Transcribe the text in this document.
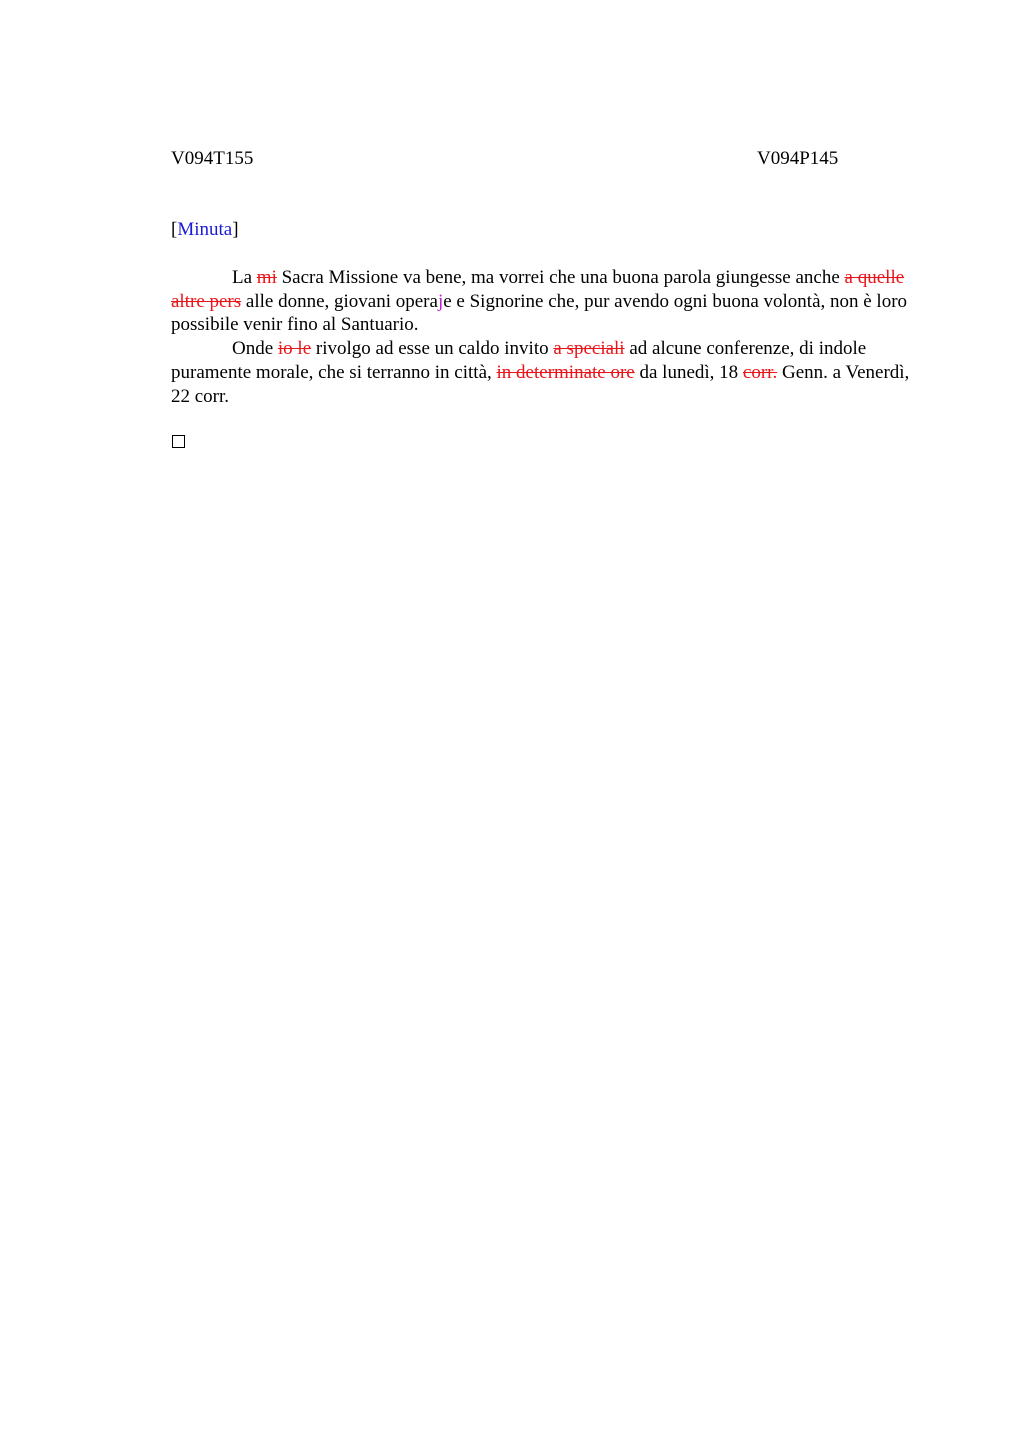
V094T155	V094P145
[Minuta]

La mi Sacra Missione va bene, ma vorrei che una buona parola giungesse anche a quelle altre pers alle donne, giovani operaje e Signorine che, pur avendo ogni buona volontà, non è loro possibile venir fino al Santuario.

Onde io le rivolgo ad esse un caldo invito a speciali ad alcune conferenze, di indole puramente morale, che si terranno in città, in determinate ore da lunedì, 18 corr. Genn. a Venerdì, 22 corr.
